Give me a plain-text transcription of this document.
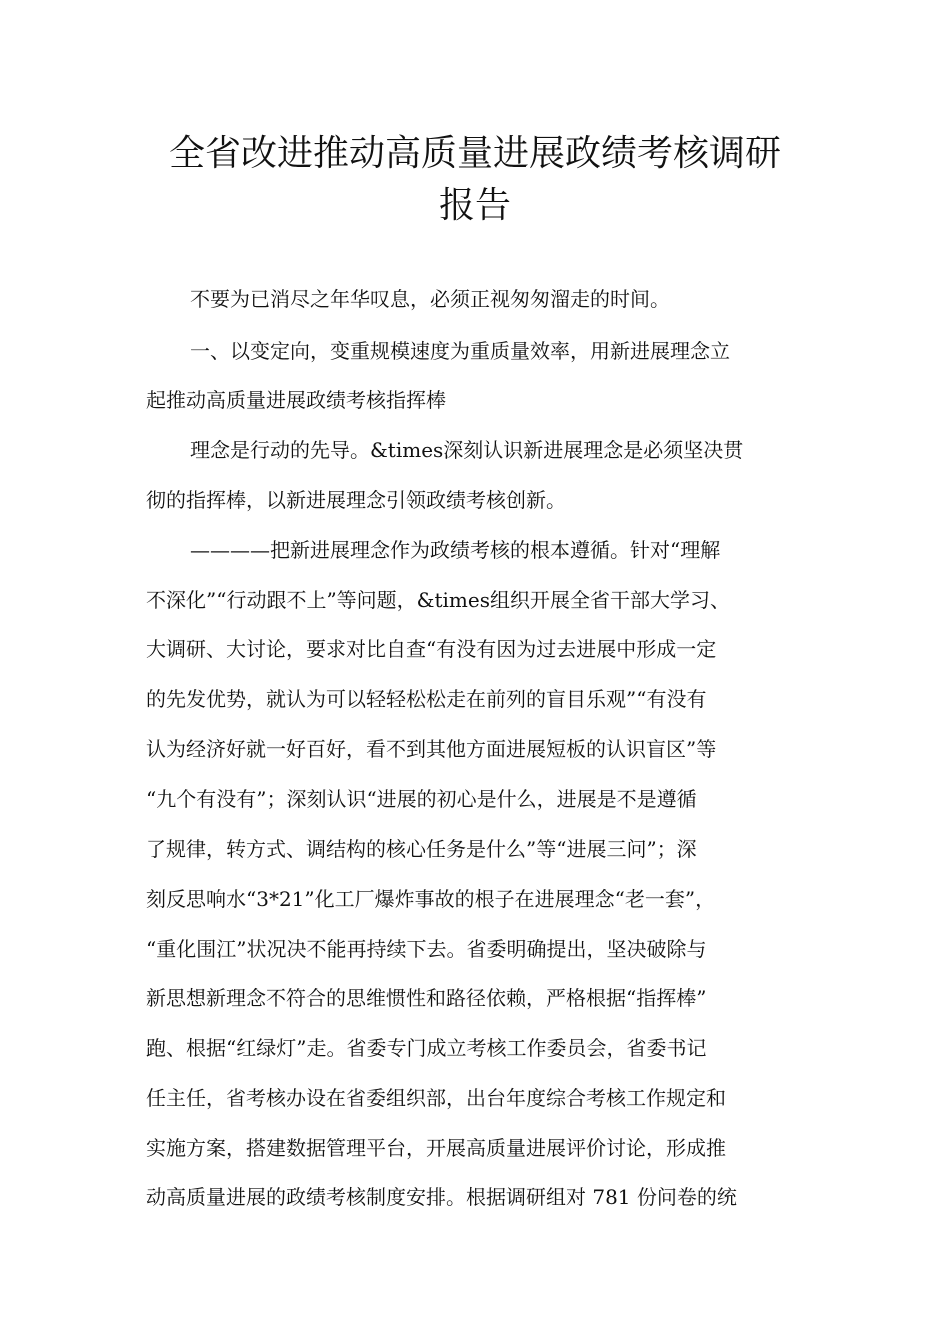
全省改进推动高质量进展政绩考核调研
报告

不要为已消尽之年华叹息，必须正视匆匆溜走的时间。

一、以变定向，变重规模速度为重质量效率，用新进展理念立

起推动高质量进展政绩考核指挥棒

理念是行动的先导。&times深刻认识新进展理念是必须坚决贯

彻的指挥棒，以新进展理念引领政绩考核创新。

————把新进展理念作为政绩考核的根本遵循。针对“理解

不深化”“行动跟不上”等问题，&times组织开展全省干部大学习、

大调研、大讨论，要求对比自查“有没有因为过去进展中形成一定

的先发优势，就认为可以轻轻松松走在前列的盲目乐观”“有没有

认为经济好就一好百好，看不到其他方面进展短板的认识盲区”等

“九个有没有”；深刻认识“进展的初心是什么，进展是不是遵循

了规律，转方式、调结构的核心任务是什么”等“进展三问”；深

刻反思响水“3*21”化工厂爆炸事故的根子在进展理念“老一套”，

“重化围江”状况决不能再持续下去。省委明确提出，坚决破除与

新思想新理念不符合的思维惯性和路径依赖，严格根据“指挥棒”

跑、根据“红绿灯”走。省委专门成立考核工作委员会，省委书记

任主任，省考核办设在省委组织部，出台年度综合考核工作规定和

实施方案，搭建数据管理平台，开展高质量进展评价讨论，形成推

动高质量进展的政绩考核制度安排。根据调研组对 781 份问卷的统
